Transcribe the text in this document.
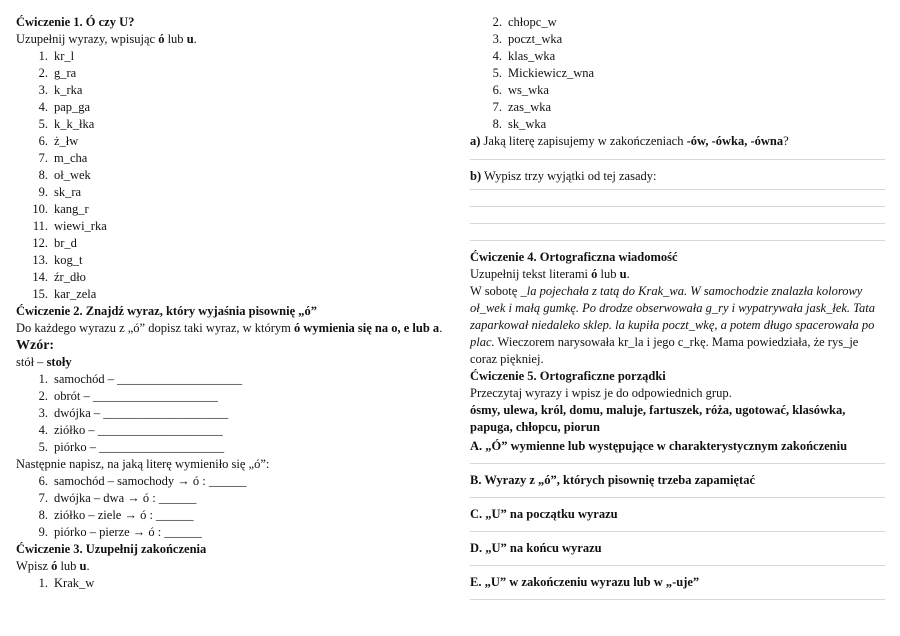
Ćwiczenie 1. Ó czy U?
Uzupełnij wyrazy, wpisując ó lub u.
1. kr_l
2. g_ra
3. k_rka
4. pap_ga
5. k_k_łka
6. ż_łw
7. m_cha
8. oł_wek
9. sk_ra
10. kang_r
11. wiewi_rka
12. br_d
13. kog_t
14. źr_dło
15. kar_zela
Ćwiczenie 2. Znajdź wyraz, który wyjaśnia pisownię „ó”
Do każdego wyrazu z „ó” dopisz taki wyraz, w którym ó wymienia się na o, e lub a.
Wzór:
stół – stoły
1. samochód – ____________________
2. obrót – ____________________
3. dwójka – ____________________
4. ziółko – ____________________
5. piórko – ____________________
Następnie napisz, na jaką literę wymieniło się „ó”:
6. samochód – samochody → ó : ______
7. dwójka – dwa → ó : ______
8. ziółko – ziele → ó : ______
9. piórko – pierze → ó : ______
Ćwiczenie 3. Uzupełnij zakończenia
Wpisz ó lub u.
1. Krak_w
2. chłopc_w
3. poczt_wka
4. klas_wka
5. Mickiewicz_wna
6. ws_wka
7. zas_wka
8. sk_wka
a) Jaką literę zapisujemy w zakończeniach -ów, -ówka, -ówna?
b) Wypisz trzy wyjątki od tej zasady:
Ćwiczenie 4. Ortograficzna wiadomość
Uzupełnij tekst literami ó lub u.
W sobotę _la pojechała z tatą do Krak_wa. W samochodzie znalazła kolorowy oł_wek i małą gumkę. Po drodze obserwowała g_ry i wypatrywała jask_łek. Tata zaparkował niedaleko sklep. la kupiła poczt_wkę, a potem długo spacerowała po plac. Wieczorem narysowała kr_la i jego c_rkę. Mama powiedziała, że rys_je coraz piękniej.
Ćwiczenie 5. Ortograficzne porządki
Przeczytaj wyrazy i wpisz je do odpowiednich grup.
ósmy, ulewa, król, domu, maluje, fartuszek, róża, ugotować, klasówka, papuga, chłopcu, piorun
A. „Ó” wymienne lub występujące w charakterystycznym zakończeniu
B. Wyrazy z „ó”, których pisownię trzeba zapamiętać
C. „U” na początku wyrazu
D. „U” na końcu wyrazu
E. „U” w zakończeniu wyrazu lub w „-uje”
